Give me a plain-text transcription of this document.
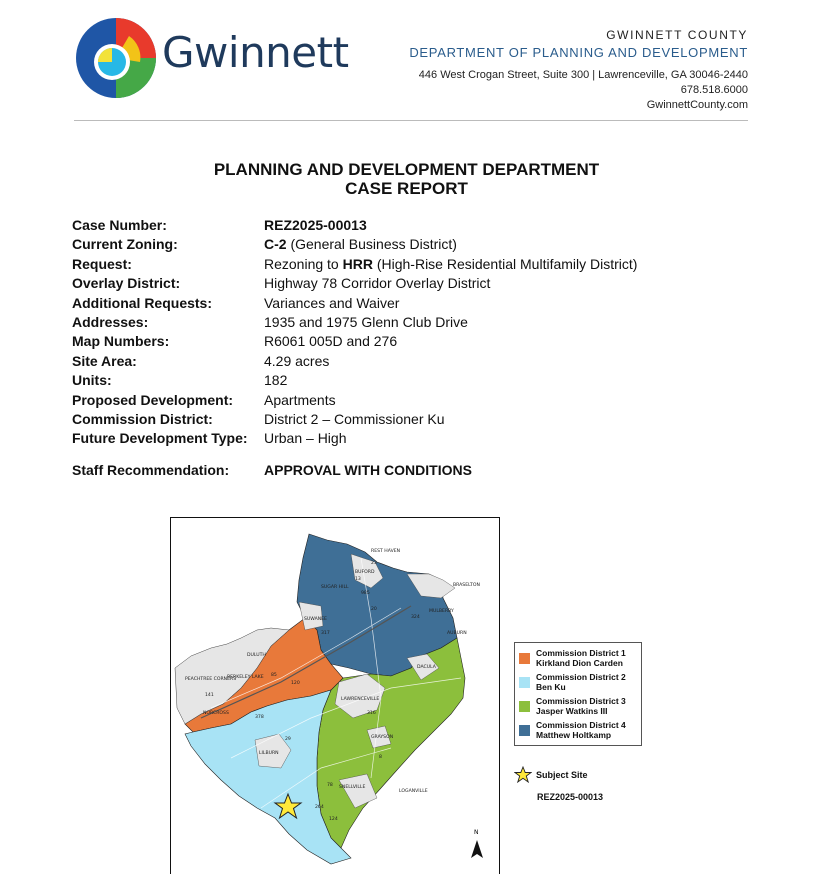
Gwinnett	GWINNETT COUNTY
DEPARTMENT OF PLANNING AND DEVELOPMENT
446 West Crogan Street, Suite 300 | Lawrenceville, GA 30046-2440
678.518.6000
GwinnettCounty.com
PLANNING AND DEVELOPMENT DEPARTMENT
CASE REPORT
Case Number:	REZ2025-00013
Current Zoning:	C-2 (General Business District)
Request:	Rezoning to HRR (High-Rise Residential Multifamily District)
Overlay District:	Highway 78 Corridor Overlay District
Additional Requests:	Variances and Waiver
Addresses:	1935 and 1975 Glenn Club Drive
Map Numbers:	R6061 005D and 276
Site Area:	4.29 acres
Units:	182
Proposed Development:	Apartments
Commission District:	District 2 – Commissioner Ku
Future Development Type:	Urban – High
Staff Recommendation:	APPROVAL WITH CONDITIONS
REST HAVEN
BUFORD
SUGAR HILL
SUWANEE
BRASELTON
DULUTH
BERKELEY LAKE
PEACHTREE CORNERS
NORCROSS
DACULA
AUBURN
LAWRENCEVILLE
GRAYSON
LILBURN
SNELLVILLE
LOGANVILLE
MULBERRY
23
13
20
985
85
324
317
120
141
378
29
316
8
78
124
264
N
Commission District 1
Kirkland Dion Carden
Commission District 2
Ben Ku
Commission District 3
Jasper Watkins III
Commission District 4
Matthew Holtkamp
Subject Site
REZ2025-00013
